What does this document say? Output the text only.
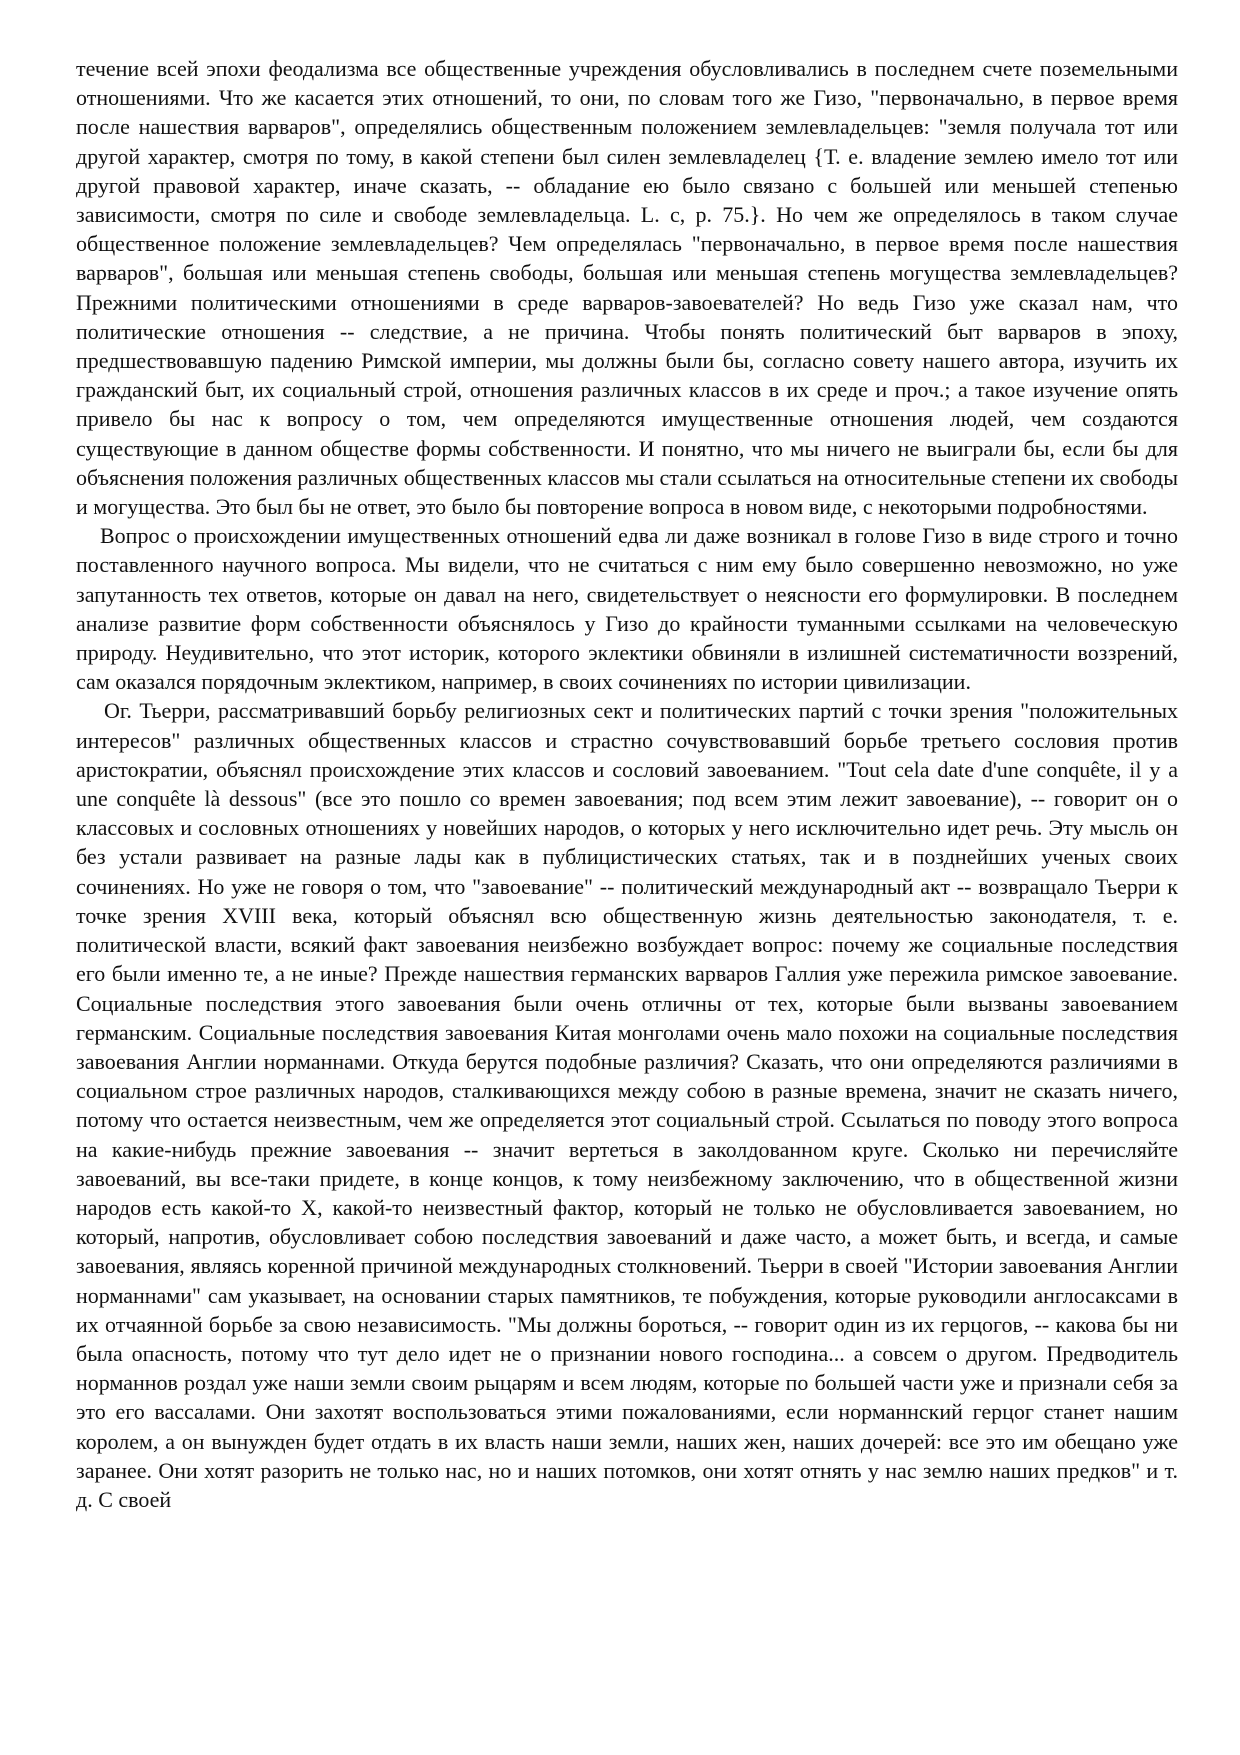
течение всей эпохи феодализма все общественные учреждения обусловливались в последнем счете поземельными отношениями. Что же касается этих отношений, то они, по словам того же Гизо, "первоначально, в первое время после нашествия варваров", определялись общественным положением землевладельцев: "земля получала тот или другой характер, смотря по тому, в какой степени был силен землевладелец {Т. е. владение землею имело тот или другой правовой характер, иначе сказать, -- обладание ею было связано с большей или меньшей степенью зависимости, смотря по силе и свободе землевладельца. L. c, p. 75.}. Но чем же определялось в таком случае общественное положение землевладельцев? Чем определялась "первоначально, в первое время после нашествия варваров", большая или меньшая степень свободы, большая или меньшая степень могущества землевладельцев? Прежними политическими отношениями в среде варваров-завоевателей? Но ведь Гизо уже сказал нам, что политические отношения -- следствие, а не причина. Чтобы понять политический быт варваров в эпоху, предшествовавшую падению Римской империи, мы должны были бы, согласно совету нашего автора, изучить их гражданский быт, их социальный строй, отношения различных классов в их среде и проч.; а такое изучение опять привело бы нас к вопросу о том, чем определяются имущественные отношения людей, чем создаются существующие в данном обществе формы собственности. И понятно, что мы ничего не выиграли бы, если бы для объяснения положения различных общественных классов мы стали ссылаться на относительные степени их свободы и могущества. Это был бы не ответ, это было бы повторение вопроса в новом виде, с некоторыми подробностями.

Вопрос о происхождении имущественных отношений едва ли даже возникал в голове Гизо в виде строго и точно поставленного научного вопроса. Мы видели, что не считаться с ним ему было совершенно невозможно, но уже запутанность тех ответов, которые он давал на него, свидетельствует о неясности его формулировки. В последнем анализе развитие форм собственности объяснялось у Гизо до крайности туманными ссылками на человеческую природу. Неудивительно, что этот историк, которого эклектики обвиняли в излишней систематичности воззрений, сам оказался порядочным эклектиком, например, в своих сочинениях по истории цивилизации.

Ог. Тьерри, рассматривавший борьбу религиозных сект и политических партий с точки зрения "положительных интересов" различных общественных классов и страстно сочувствовавший борьбе третьего сословия против аристократии, объяснял происхождение этих классов и сословий завоеванием. "Tout cela date d'une conquête, il y a une conquête là dessous" (все это пошло со времен завоевания; под всем этим лежит завоевание), -- говорит он о классовых и сословных отношениях у новейших народов, о которых у него исключительно идет речь. Эту мысль он без устали развивает на разные лады как в публицистических статьях, так и в позднейших ученых своих сочинениях. Но уже не говоря о том, что "завоевание" -- политический международный акт -- возвращало Тьерри к точке зрения XVIII века, который объяснял всю общественную жизнь деятельностью законодателя, т. е. политической власти, всякий факт завоевания неизбежно возбуждает вопрос: почему же социальные последствия его были именно те, а не иные? Прежде нашествия германских варваров Галлия уже пережила римское завоевание. Социальные последствия этого завоевания были очень отличны от тех, которые были вызваны завоеванием германским. Социальные последствия завоевания Китая монголами очень мало похожи на социальные последствия завоевания Англии норманнами. Откуда берутся подобные различия? Сказать, что они определяются различиями в социальном строе различных народов, сталкивающихся между собою в разные времена, значит не сказать ничего, потому что остается неизвестным, чем же определяется этот социальный строй. Ссылаться по поводу этого вопроса на какие-нибудь прежние завоевания -- значит вертеться в заколдованном круге. Сколько ни перечисляйте завоеваний, вы все-таки придете, в конце концов, к тому неизбежному заключению, что в общественной жизни народов есть какой-то X, какой-то неизвестный фактор, который не только не обусловливается завоеванием, но который, напротив, обусловливает собою последствия завоеваний и даже часто, а может быть, и всегда, и самые завоевания, являясь коренной причиной международных столкновений. Тьерри в своей "Истории завоевания Англии норманнами" сам указывает, на основании старых памятников, те побуждения, которые руководили англосаксами в их отчаянной борьбе за свою независимость. "Мы должны бороться, -- говорит один из их герцогов, -- какова бы ни была опасность, потому что тут дело идет не о признании нового господина... а совсем о другом. Предводитель норманнов роздал уже наши земли своим рыцарям и всем людям, которые по большей части уже и признали себя за это его вассалами. Они захотят воспользоваться этими пожалованиями, если норманнский герцог станет нашим королем, а он вынужден будет отдать в их власть наши земли, наших жен, наших дочерей: все это им обещано уже заранее. Они хотят разорить не только нас, но и наших потомков, они хотят отнять у нас землю наших предков" и т. д. С своей
